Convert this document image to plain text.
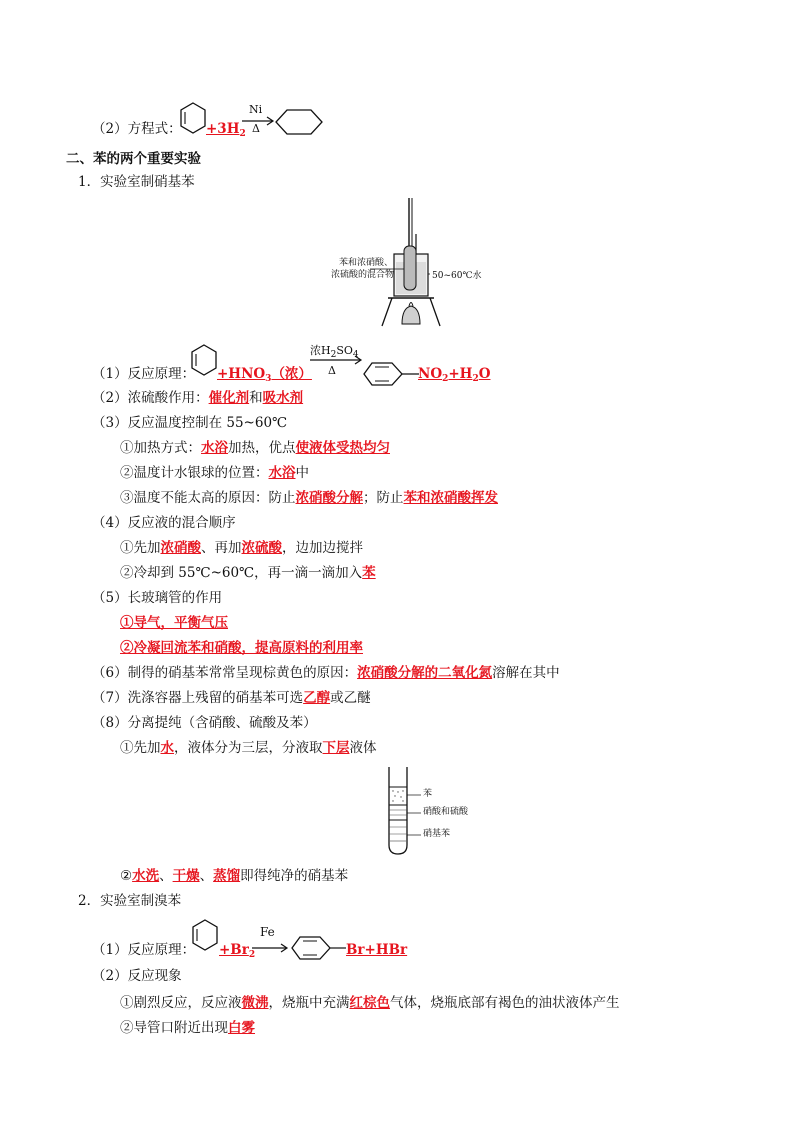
（2）方程式： $+3H_2$
Ni
Δ
二、苯的两个重要实验
1．实验室制硝基苯
苯和浓硝酸、
浓硫酸的混合物	50~60℃水
（1）反应原理： $+HNO_3$（浓）
浓$H_2SO_4$
Δ	$NO_2+H_2O$
（2）浓硫酸作用：催化剂和吸水剂
（3）反应温度控制在 55~60℃
①加热方式：水浴加热，优点使液体受热均匀
②温度计水银球的位置：水浴中
③温度不能太高的原因：防止浓硝酸分解；防止苯和浓硝酸挥发
（4）反应液的混合顺序
①先加浓硝酸、再加浓硫酸，边加边搅拌
②冷却到 55℃~60℃，再一滴一滴加入苯
（5）长玻璃管的作用
①导气，平衡气压
②冷凝回流苯和硝酸，提高原料的利用率
（6）制得的硝基苯常常呈现棕黄色的原因：浓硝酸分解的二氧化氮溶解在其中
（7）洗涤容器上残留的硝基苯可选乙醇或乙醚
（8）分离提纯（含硝酸、硫酸及苯）
①先加水，液体分为三层，分液取下层液体
苯
硝酸和硫酸
硝基苯
②水洗、干燥、蒸馏即得纯净的硝基苯
2．实验室制溴苯
（1）反应原理： $+Br_2$
Fe
Br+HBr
（2）反应现象
①剧烈反应，反应液微沸，烧瓶中充满红棕色气体，烧瓶底部有褐色的油状液体产生
②导管口附近出现白雾
